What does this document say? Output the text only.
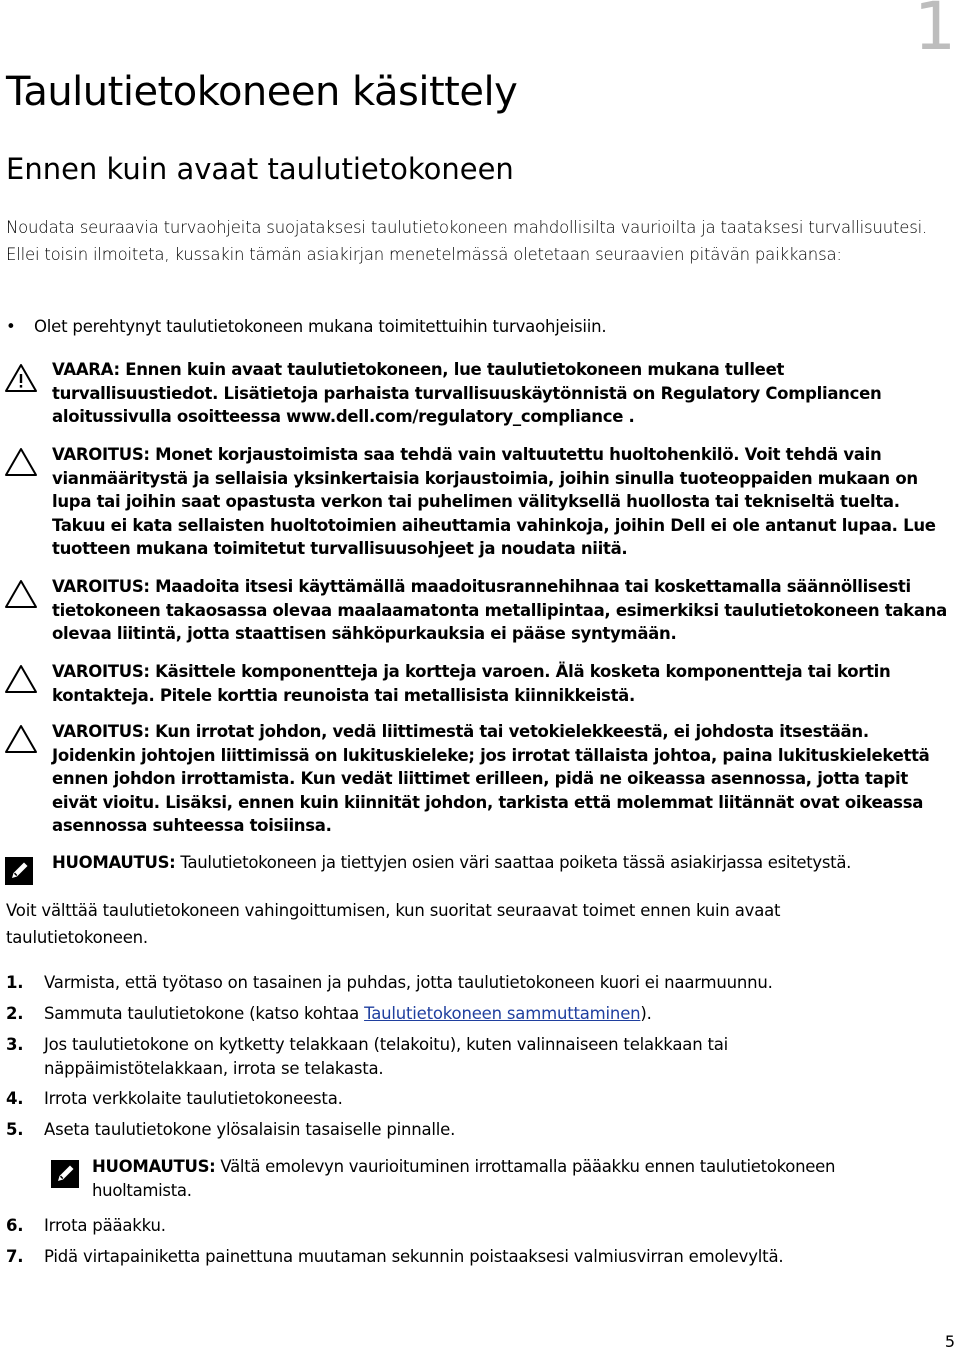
1
Taulutietokoneen käsittely
Ennen kuin avaat taulutietokoneen

Noudata seuraavia turvaohjeita suojataksesi taulutietokoneen mahdollisilta vaurioilta ja taataksesi turvallisuutesi. Ellei toisin ilmoiteta, kussakin tämän asiakirjan menetelmässä oletetaan seuraavien pitävän paikkansa:

• Olet perehtynyt taulutietokoneen mukana toimitettuihin turvaohjeisiin.
VAARA: Ennen kuin avaat taulutietokoneen, lue taulutietokoneen mukana tulleet turvallisuustiedot. Lisätietoja parhaista turvallisuuskäytönnistä on Regulatory Compliancen aloitussivulla osoitteessa www.dell.com/regulatory_compliance .
VAROITUS: Monet korjaustoimista saa tehdä vain valtuutettu huoltohenkilö. Voit tehdä vain vianmääritystä ja sellaisia yksinkertaisia korjaustoimia, joihin sinulla tuoteoppaiden mukaan on lupa tai joihin saat opastusta verkon tai puhelimen välityksellä huollosta tai tekniseltä tuelta. Takuu ei kata sellaisten huoltotoimien aiheuttamia vahinkoja, joihin Dell ei ole antanut lupaa. Lue tuotteen mukana toimitetut turvallisuusohjeet ja noudata niitä.
VAROITUS: Maadoita itsesi käyttämällä maadoitusrannehihnaa tai koskettamalla säännöllisesti tietokoneen takaosassa olevaa maalaamatonta metallipintaa, esimerkiksi taulutietokoneen takana olevaa liitintä, jotta staattisen sähköpurkauksia ei pääse syntymään.
VAROITUS: Käsittele komponentteja ja kortteja varoen. Älä kosketa komponentteja tai kortin kontakteja. Pitele korttia reunoista tai metallisista kiinnikkeistä.
VAROITUS: Kun irrotat johdon, vedä liittimestä tai vetokielekkeestä, ei johdosta itsestään. Joidenkin johtojen liittimissä on lukituskieleke; jos irrotat tällaista johtoa, paina lukituskielekettä ennen johdon irrottamista. Kun vedät liittimet erilleen, pidä ne oikeassa asennossa, jotta tapit eivät vioitu. Lisäksi, ennen kuin kiinnität johdon, tarkista että molemmat liitännät ovat oikeassa asennossa suhteessa toisiinsa.
HUOMAUTUS: Taulutietokoneen ja tiettyjen osien väri saattaa poiketa tässä asiakirjassa esitetystä.

Voit välttää taulutietokoneen vahingoittumisen, kun suoritat seuraavat toimet ennen kuin avaat taulutietokoneen.

1. Varmista, että työtaso on tasainen ja puhdas, jotta taulutietokoneen kuori ei naarmuunnu.
2. Sammuta taulutietokone (katso kohtaa Taulutietokoneen sammuttaminen).
3. Jos taulutietokone on kytketty telakkaan (telakoitu), kuten valinnaiseen telakkaan tai näppäimistötelakkaan, irrota se telakasta.
4. Irrota verkkolaite taulutietokoneesta.
5. Aseta taulutietokone ylösalaisin tasaiselle pinnalle.
HUOMAUTUS: Vältä emolevyn vaurioituminen irrottamalla pääakku ennen taulutietokoneen huoltamista.
6. Irrota pääakku.
7. Pidä virtapainiketta painettuna muutaman sekunnin poistaaksesi valmiusvirran emolevyltä.
5
